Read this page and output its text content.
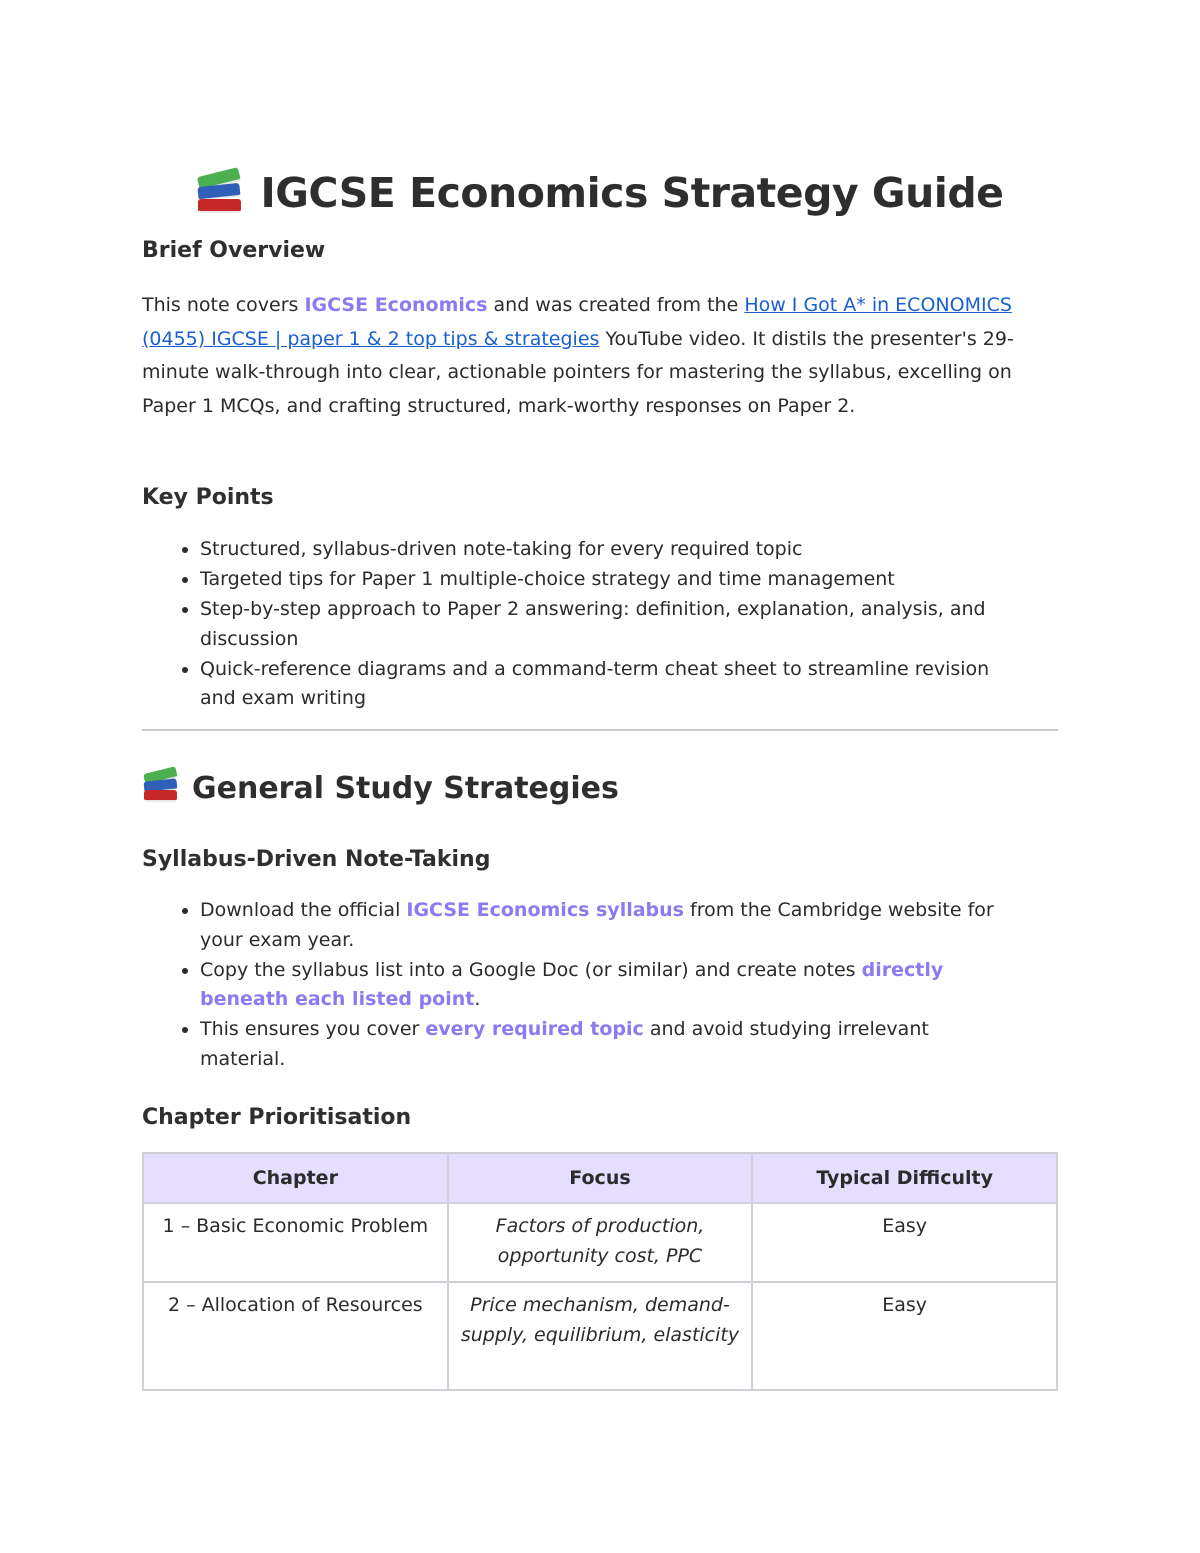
IGCSE Economics Strategy Guide
Brief Overview

This note covers IGCSE Economics and was created from the How I Got A* in ECONOMICS (0455) IGCSE | paper 1 & 2 top tips & strategies YouTube video. It distils the presenter's 29-minute walk-through into clear, actionable pointers for mastering the syllabus, excelling on Paper 1 MCQs, and crafting structured, mark-worthy responses on Paper 2.

Key Points
• Structured, syllabus-driven note-taking for every required topic
• Targeted tips for Paper 1 multiple-choice strategy and time management
• Step-by-step approach to Paper 2 answering: definition, explanation, analysis, and discussion
• Quick-reference diagrams and a command-term cheat sheet to streamline revision and exam writing
General Study Strategies
Syllabus-Driven Note-Taking
• Download the official IGCSE Economics syllabus from the Cambridge website for your exam year.
• Copy the syllabus list into a Google Doc (or similar) and create notes directly beneath each listed point.
• This ensures you cover every required topic and avoid studying irrelevant material.
Chapter Prioritisation
Chapter	Focus	Typical Difficulty
1 – Basic Economic Problem	Factors of production, opportunity cost, PPC	Easy
2 – Allocation of Resources	Price mechanism, demand-supply, equilibrium, elasticity	Easy
